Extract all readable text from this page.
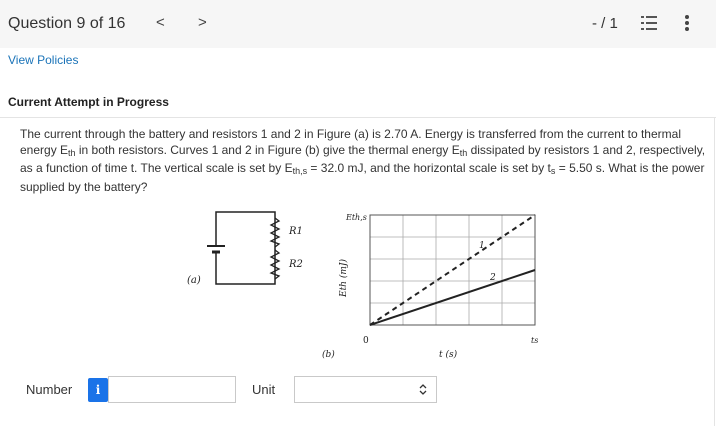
Question 9 of 16 < >	- / 1
View Policies
Current Attempt in Progress
The current through the battery and resistors 1 and 2 in Figure (a) is 2.70 A. Energy is transferred from the current to thermal energy $E_{th}$ in both resistors. Curves 1 and 2 in Figure (b) give the thermal energy $E_{th}$ dissipated by resistors 1 and 2, respectively, as a function of time t. The vertical scale is set by $E_{th,s} = 32.0$ mJ, and the horizontal scale is set by $t_s = 5.50$ s. What is the power supplied by the battery?
R1
R2
(a)
1
2
Eth,s
Eth (mJ)
0
t (s)
ts
(b)
Number	i	Unit
